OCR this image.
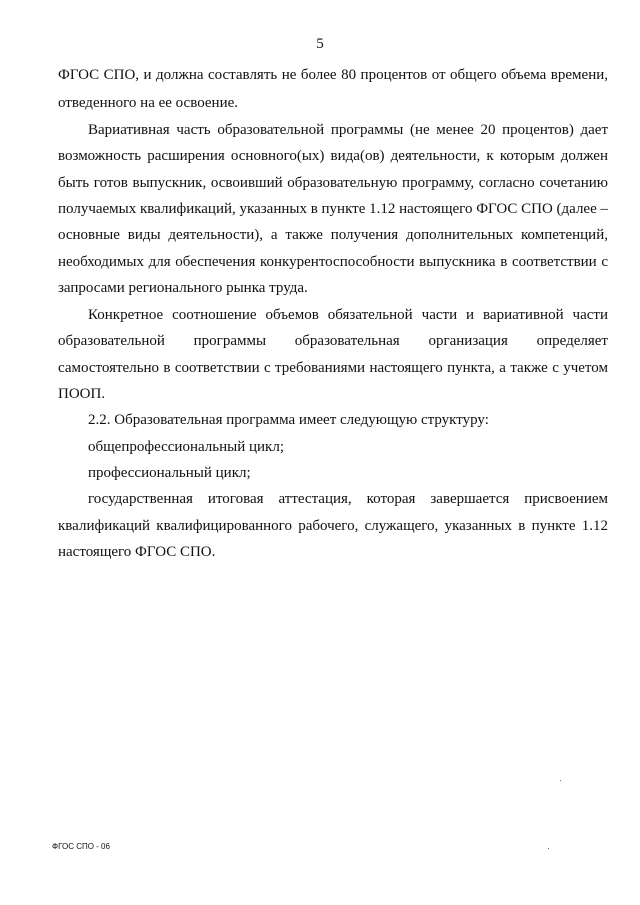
5
ФГОС СПО, и должна составлять не более 80 процентов от общего объема времени,
отведенного на ее освоение.
Вариативная часть образовательной программы (не менее 20 процентов) дает
возможность расширения основного(ых) вида(ов) деятельности, к которым должен
быть готов выпускник, освоивший образовательную программу, согласно сочетанию
получаемых квалификаций, указанных в пункте 1.12 настоящего ФГОС СПО (далее –
основные виды деятельности), а также получения дополнительных компетенций,
необходимых для обеспечения конкурентоспособности выпускника в соответствии с
запросами регионального рынка труда.
Конкретное соотношение объемов обязательной части и вариативной части
образовательной программы образовательная организация определяет
самостоятельно в соответствии с требованиями настоящего пункта, а также с учетом
ПООП.
2.2. Образовательная программа имеет следующую структуру:
общепрофессиональный цикл;
профессиональный цикл;
государственная итоговая аттестация, которая завершается присвоением
квалификаций квалифицированного рабочего, служащего, указанных в пункте 1.12
настоящего ФГОС СПО.
ФГОС СПО - 06
